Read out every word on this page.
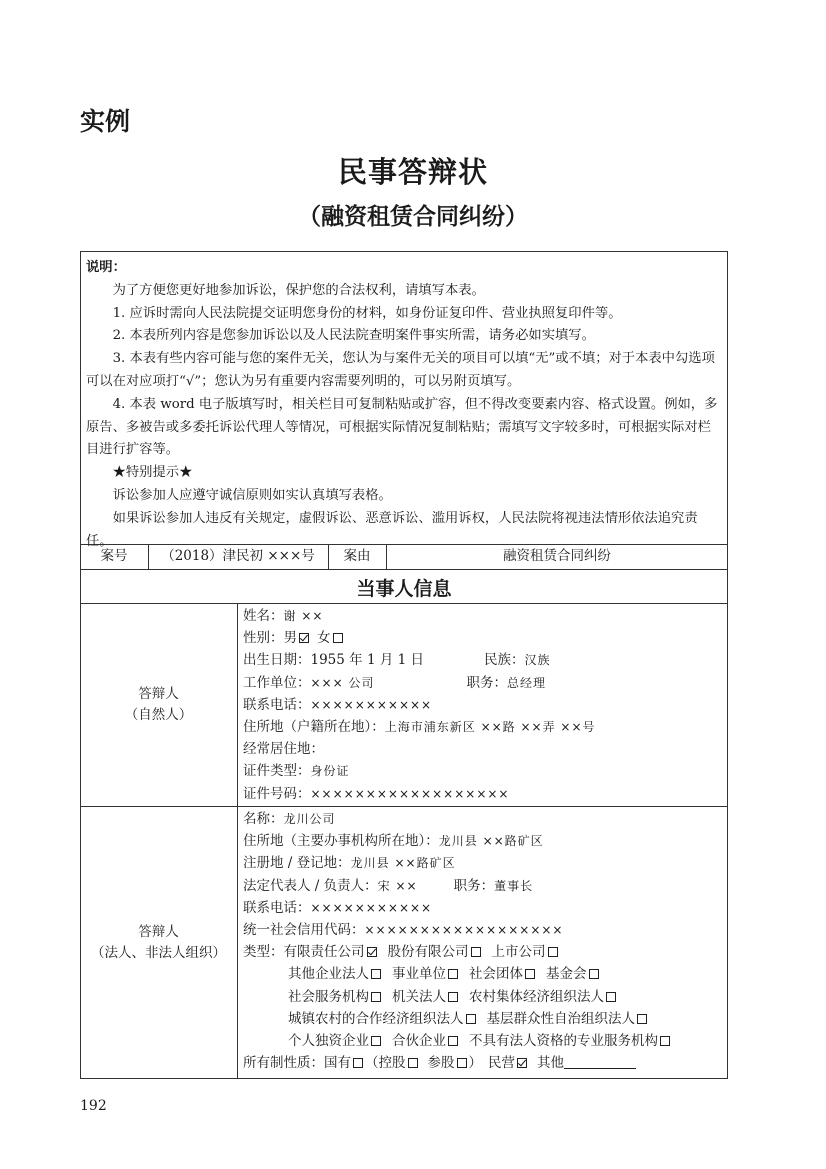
实例
民事答辩状
（融资租赁合同纠纷）
说明：

为了方便您更好地参加诉讼，保护您的合法权利，请填写本表。

1. 应诉时需向人民法院提交证明您身份的材料，如身份证复印件、营业执照复印件等。

2. 本表所列内容是您参加诉讼以及人民法院查明案件事实所需，请务必如实填写。

3. 本表有些内容可能与您的案件无关，您认为与案件无关的项目可以填“无”或不填；对于本表中勾选项可以在对应项打“√”；您认为另有重要内容需要列明的，可以另附页填写。

4. 本表 word 电子版填写时，相关栏目可复制粘贴或扩容，但不得改变要素内容、格式设置。例如，多原告、多被告或多委托诉讼代理人等情况，可根据实际情况复制粘贴；需填写文字较多时，可根据实际对栏目进行扩容等。

★特别提示★

诉讼参加人应遵守诚信原则如实认真填写表格。

如果诉讼参加人违反有关规定，虚假诉讼、恶意诉讼、滥用诉权，人民法院将视违法情形依法追究责任。

案号	（2018）津民初 ×××号	案由	融资租赁合同纠纷
当事人信息
答辩人
（自然人）
姓名：谢 ××
性别：男 女
出生日期：1955 年 1 月 1 日	民族：汉族
工作单位：××× 公司	职务：总经理
联系电话：×××××××××××
住所地（户籍所在地）：上海市浦东新区 ××路 ××弄 ××号
经常居住地：
证件类型：身份证
证件号码：××××××××××××××××××
答辩人
（法人、非法人组织）
名称：龙川公司
住所地（主要办事机构所在地）：龙川县 ××路矿区
注册地 / 登记地：龙川县 ××路矿区
法定代表人 / 负责人：宋 ××	职务：董事长
联系电话：×××××××××××
统一社会信用代码：××××××××××××××××××
类型：有限责任公司 股份有限公司 上市公司
其他企业法人 事业单位 社会团体 基金会
社会服务机构 机关法人 农村集体经济组织法人
城镇农村的合作经济组织法人 基层群众性自治组织法人
个人独资企业 合伙企业 不具有法人资格的专业服务机构
所有制性质：国有 （控股 参股 ） 民营 其他
192
